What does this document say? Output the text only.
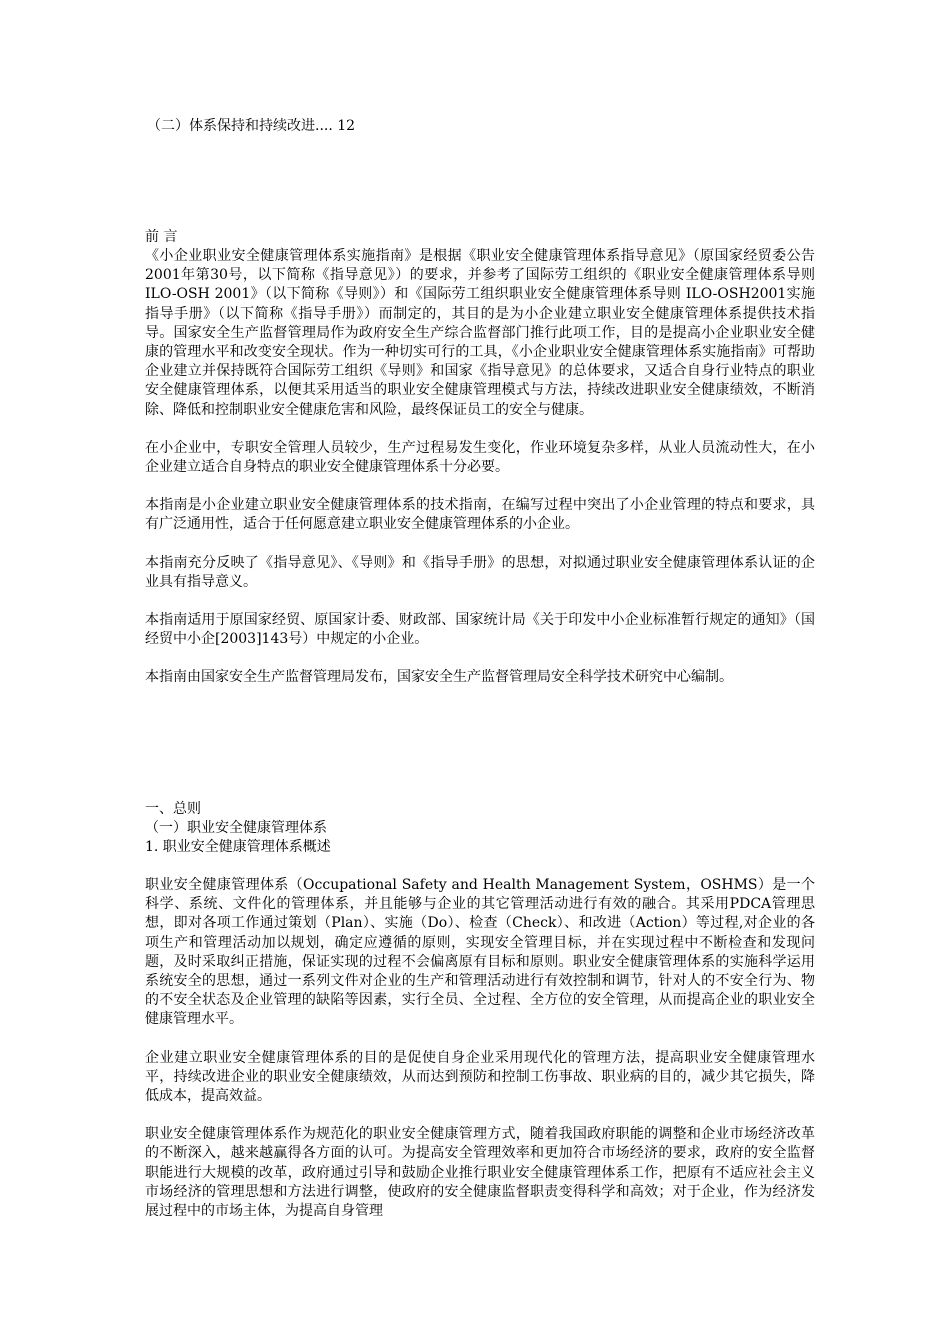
（二）体系保持和持续改进.... 12
前 言

《小企业职业安全健康管理体系实施指南》是根据《职业安全健康管理体系指导意见》（原国家经贸委公告2001年第30号，以下简称《指导意见》）的要求，并参考了国际劳工组织的《职业安全健康管理体系导则ILO-OSH 2001》（以下简称《导则》）和《国际劳工组织职业安全健康管理体系导则 ILO-OSH2001实施指导手册》（以下简称《指导手册》）而制定的，其目的是为小企业建立职业安全健康管理体系提供技术指导。国家安全生产监督管理局作为政府安全生产综合监督部门推行此项工作，目的是提高小企业职业安全健康的管理水平和改变安全现状。作为一种切实可行的工具，《小企业职业安全健康管理体系实施指南》可帮助企业建立并保持既符合国际劳工组织《导则》和国家《指导意见》的总体要求，又适合自身行业特点的职业安全健康管理体系，以便其采用适当的职业安全健康管理模式与方法，持续改进职业安全健康绩效，不断消除、降低和控制职业安全健康危害和风险，最终保证员工的安全与健康。

在小企业中，专职安全管理人员较少，生产过程易发生变化，作业环境复杂多样，从业人员流动性大，在小企业建立适合自身特点的职业安全健康管理体系十分必要。

本指南是小企业建立职业安全健康管理体系的技术指南，在编写过程中突出了小企业管理的特点和要求，具有广泛通用性，适合于任何愿意建立职业安全健康管理体系的小企业。

本指南充分反映了《指导意见》、《导则》和《指导手册》的思想，对拟通过职业安全健康管理体系认证的企业具有指导意义。

本指南适用于原国家经贸、原国家计委、财政部、国家统计局《关于印发中小企业标准暂行规定的通知》（国经贸中小企[2003]143号）中规定的小企业。

本指南由国家安全生产监督管理局发布，国家安全生产监督管理局安全科学技术研究中心编制。

一、总则
（一）职业安全健康管理体系
1. 职业安全健康管理体系概述

职业安全健康管理体系（Occupational Safety and Health Management System，OSHMS）是一个科学、系统、文件化的管理体系，并且能够与企业的其它管理活动进行有效的融合。其采用PDCA管理思想，即对各项工作通过策划（Plan）、实施（Do）、检查（Check）、和改进（Action）等过程,对企业的各项生产和管理活动加以规划，确定应遵循的原则，实现安全管理目标，并在实现过程中不断检查和发现问题，及时采取纠正措施，保证实现的过程不会偏离原有目标和原则。职业安全健康管理体系的实施科学运用系统安全的思想，通过一系列文件对企业的生产和管理活动进行有效控制和调节，针对人的不安全行为、物的不安全状态及企业管理的缺陷等因素，实行全员、全过程、全方位的安全管理，从而提高企业的职业安全健康管理水平。

企业建立职业安全健康管理体系的目的是促使自身企业采用现代化的管理方法，提高职业安全健康管理水平，持续改进企业的职业安全健康绩效，从而达到预防和控制工伤事故、职业病的目的，减少其它损失，降低成本，提高效益。

职业安全健康管理体系作为规范化的职业安全健康管理方式，随着我国政府职能的调整和企业市场经济改革的不断深入，越来越赢得各方面的认可。为提高安全管理效率和更加符合市场经济的要求，政府的安全监督职能进行大规模的改革，政府通过引导和鼓励企业推行职业安全健康管理体系工作，把原有不适应社会主义市场经济的管理思想和方法进行调整，使政府的安全健康监督职责变得科学和高效；对于企业，作为经济发展过程中的市场主体，为提高自身管理
